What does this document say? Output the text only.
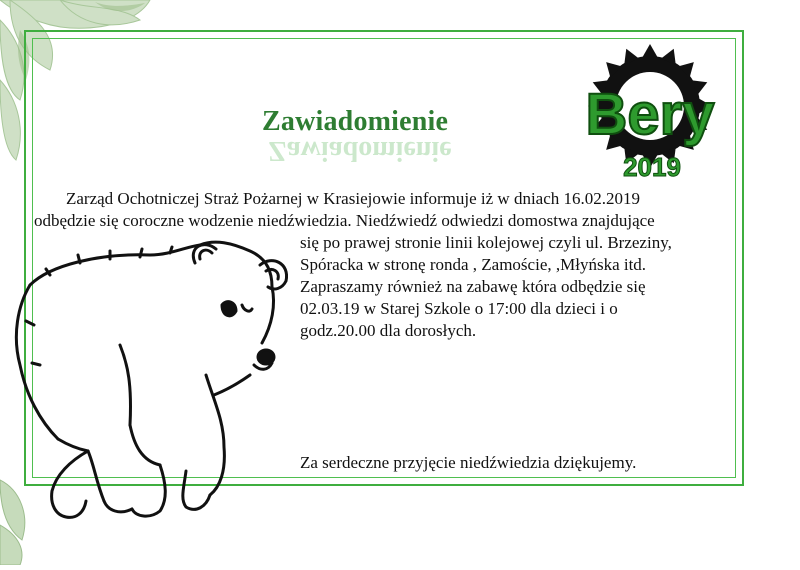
Zawiadomienie
Zawiadomienie Bery
2019
Zarząd Ochotniczej Straż Pożarnej w Krasiejowie informuje iż w dniach 16.02.2019
odbędzie się coroczne wodzenie niedźwiedzia. Niedźwiedź odwiedzi domostwa znajdujące
się po prawej stronie linii kolejowej czyli ul. Brzeziny,
Spóracka w stronę ronda , Zamoście, ,Młyńska itd.
Zapraszamy również na zabawę która odbędzie się
02.03.19 w Starej Szkole o 17:00 dla dzieci i o
godz.20.00 dla dorosłych.
Za serdeczne przyjęcie niedźwiedzia dziękujemy.
